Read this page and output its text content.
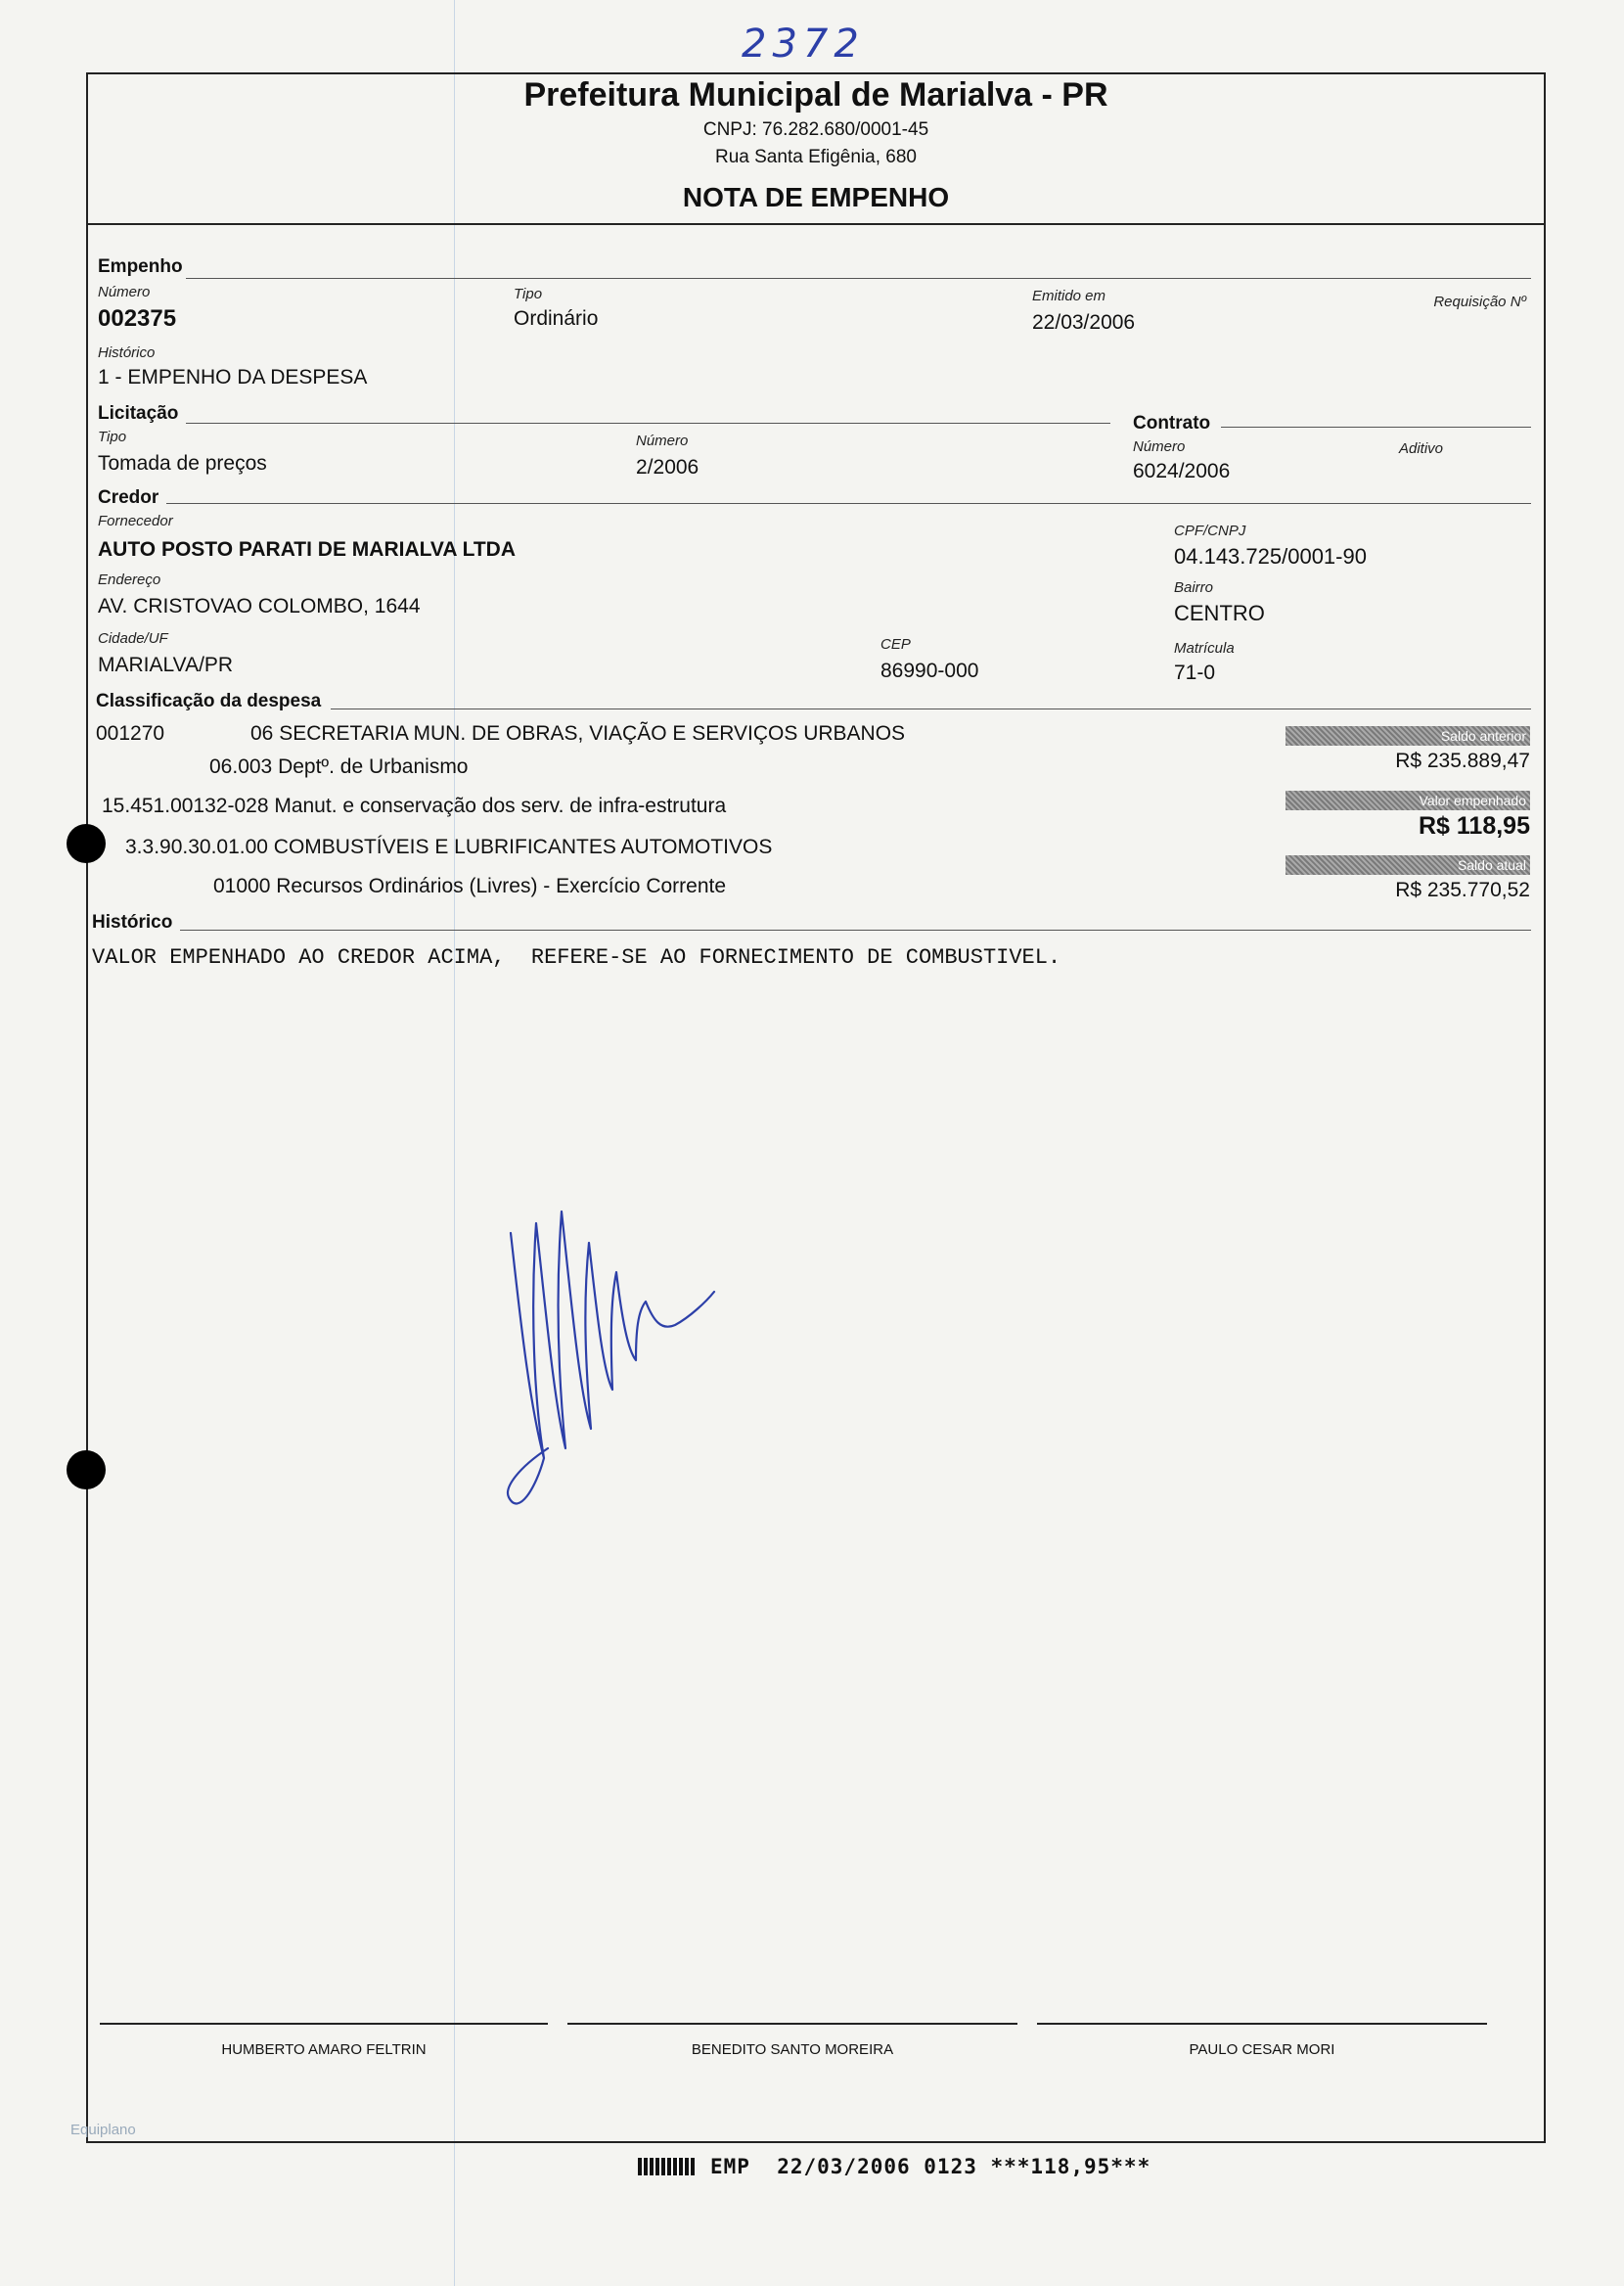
2372
Prefeitura Municipal de Marialva - PR
CNPJ: 76.282.680/0001-45
Rua Santa Efigênia, 680
NOTA DE EMPENHO
Empenho
Número
002375
Tipo
Ordinário
Emitido em
22/03/2006
Requisição Nº
Histórico
1 - EMPENHO DA DESPESA
Licitação	Contrato
Tipo
Tomada de preços
Número
2/2006
Número
6024/2006
Aditivo
Credor
Fornecedor
AUTO POSTO PARATI DE MARIALVA LTDA
CPF/CNPJ
04.143.725/0001-90
Endereço
AV. CRISTOVAO COLOMBO, 1644
Bairro
CENTRO
Cidade/UF
MARIALVA/PR
CEP
86990-000
Matrícula
71-0
Classificação da despesa
001270	06 SECRETARIA MUN. DE OBRAS, VIAÇÃO E SERVIÇOS URBANOS
06.003 Deptº. de Urbanismo
15.451.00132-028 Manut. e conservação dos serv. de infra-estrutura
3.3.90.30.01.00 COMBUSTÍVEIS E LUBRIFICANTES AUTOMOTIVOS
01000 Recursos Ordinários (Livres) - Exercício Corrente
Saldo anterior
R$ 235.889,47
Valor empenhado
R$ 118,95
Saldo atual
R$ 235.770,52
Histórico
VALOR EMPENHADO AO CREDOR ACIMA,  REFERE-SE AO FORNECIMENTO DE COMBUSTIVEL.
HUMBERTO AMARO FELTRIN	BENEDITO SANTO MOREIRA	PAULO CESAR MORI
Equiplano
EMP  22/03/2006 0123 ***118,95***
